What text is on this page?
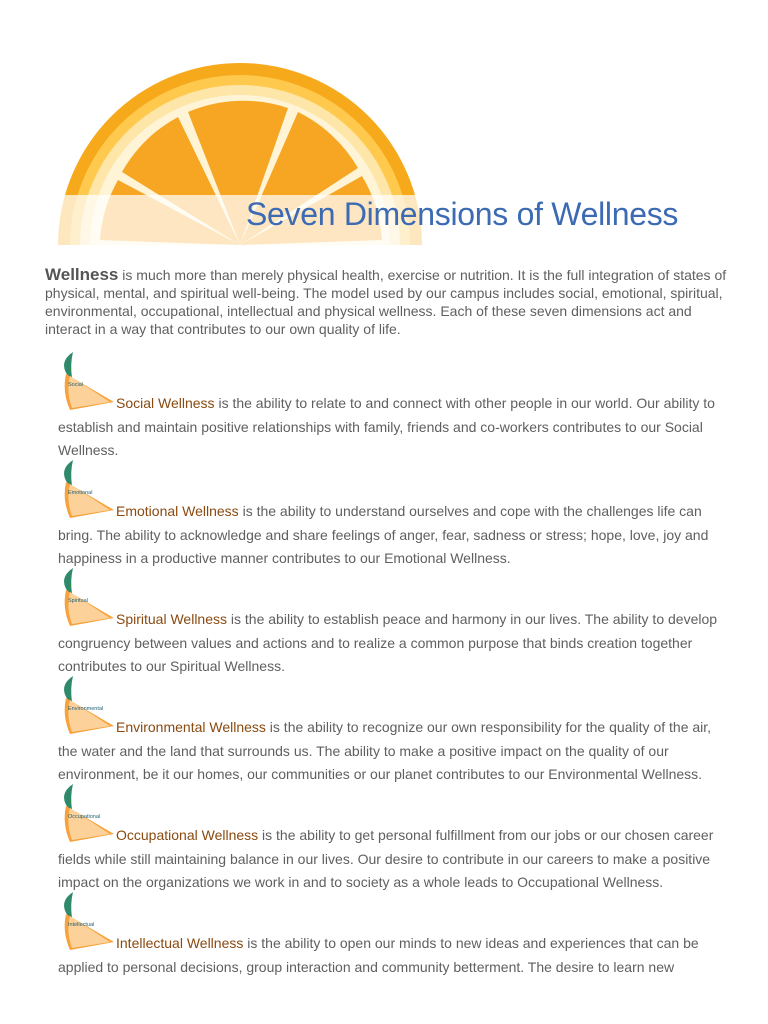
Seven Dimensions of Wellness
Wellness is much more than merely physical health, exercise or nutrition. It is the full integration of states of physical, mental, and spiritual well-being. The model used by our campus includes social, emotional, spiritual, environmental, occupational, intellectual and physical wellness. Each of these seven dimensions act and interact in a way that contributes to our own quality of life.
Social
Social Wellness is the ability to relate to and connect with other people in our world. Our ability to establish and maintain positive relationships with family, friends and co-workers contributes to our Social Wellness.
Emotional
Emotional Wellness is the ability to understand ourselves and cope with the challenges life can bring. The ability to acknowledge and share feelings of anger, fear, sadness or stress; hope, love, joy and happiness in a productive manner contributes to our Emotional Wellness.
Spiritual
Spiritual Wellness is the ability to establish peace and harmony in our lives. The ability to develop congruency between values and actions and to realize a common purpose that binds creation together contributes to our Spiritual Wellness.
Environmental
Environmental Wellness is the ability to recognize our own responsibility for the quality of the air, the water and the land that surrounds us. The ability to make a positive impact on the quality of our environment, be it our homes, our communities or our planet contributes to our Environmental Wellness.
Occupational
Occupational Wellness is the ability to get personal fulfillment from our jobs or our chosen career fields while still maintaining balance in our lives. Our desire to contribute in our careers to make a positive impact on the organizations we work in and to society as a whole leads to Occupational Wellness.
Intellectual
Intellectual Wellness is the ability to open our minds to new ideas and experiences that can be applied to personal decisions, group interaction and community betterment. The desire to learn new
